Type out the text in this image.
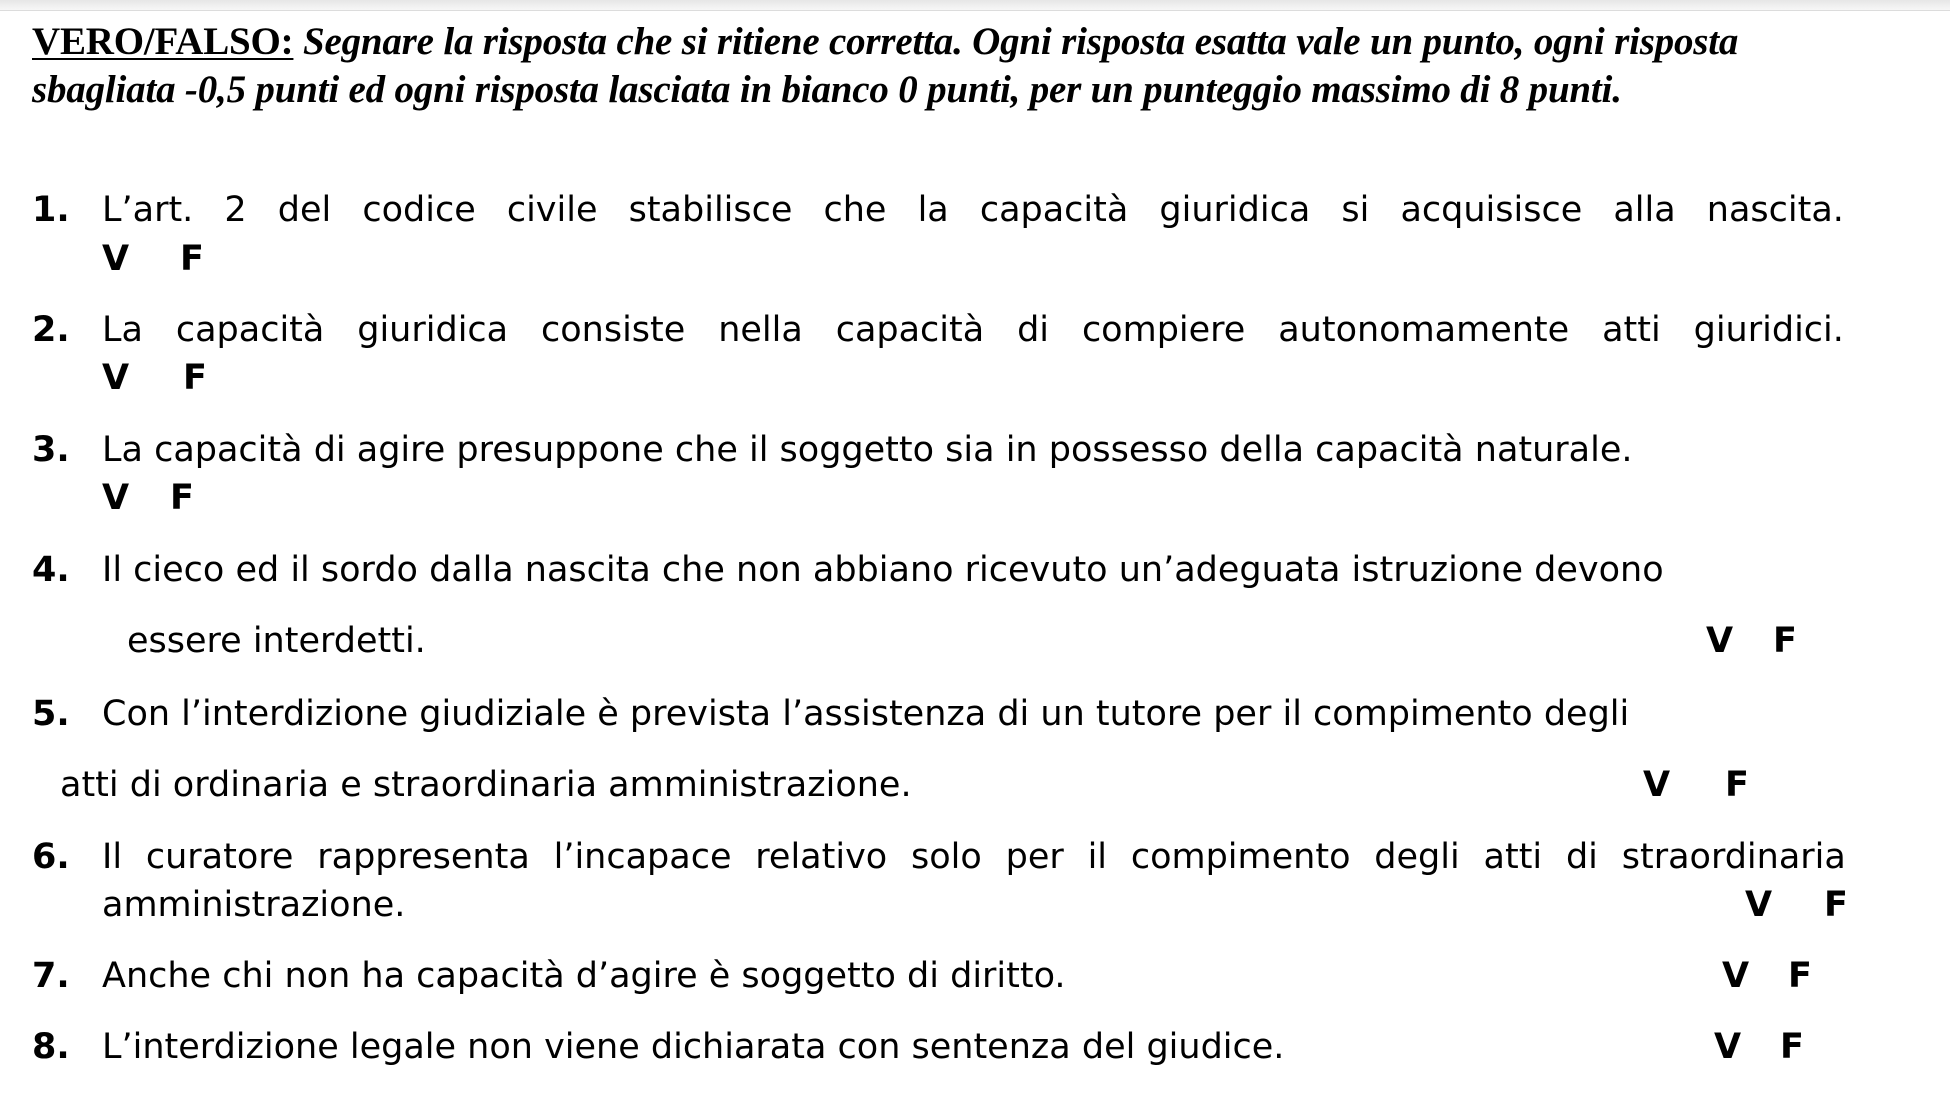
VERO/FALSO: Segnare la risposta che si ritiene corretta. Ogni risposta esatta vale un punto, ogni risposta sbagliata -0,5 punti ed ogni risposta lasciata in bianco 0 punti, per un punteggio massimo di 8 punti.
1. L’art. 2 del codice civile stabilisce che la capacità giuridica si acquisisce alla nascita.
V F
2. La capacità giuridica consiste nella capacità di compiere autonomamente atti giuridici.
V F
3. La capacità di agire presuppone che il soggetto sia in possesso della capacità naturale.
V F
4. Il cieco ed il sordo dalla nascita che non abbiano ricevuto un’adeguata istruzione devono
essere interdetti.	V F
5. Con l’interdizione giudiziale è prevista l’assistenza di un tutore per il compimento degli
atti di ordinaria e straordinaria amministrazione.	V F
6. Il curatore rappresenta l’incapace relativo solo per il compimento degli atti di straordinaria
amministrazione.	V F
7. Anche chi non ha capacità d’agire è soggetto di diritto.	V F
8. L’interdizione legale non viene dichiarata con sentenza del giudice.	V F
